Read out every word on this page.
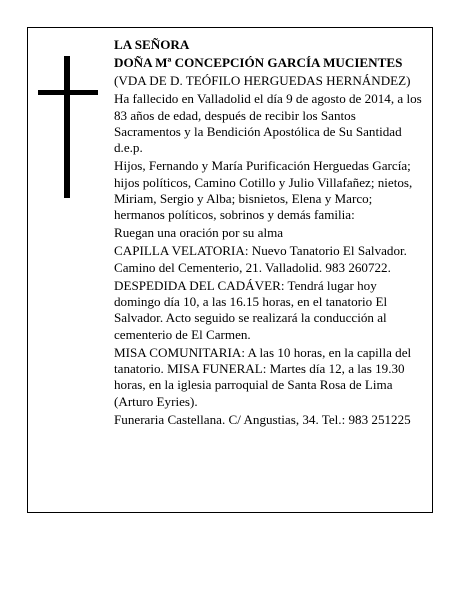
LA SEÑORA

DOÑA Mª CONCEPCIÓN GARCÍA MUCIENTES

(VDA DE D. TEÓFILO HERGUEDAS HERNÁNDEZ)

Ha fallecido en Valladolid el día 9 de agosto de 2014, a los 83 años de edad, después de recibir los Santos Sacramentos y la Bendición Apostólica de Su Santidad d.e.p.

Hijos, Fernando y María Purificación Herguedas García; hijos políticos, Camino Cotillo y Julio Villafañez; nietos, Miriam, Sergio y Alba; bisnietos, Elena y Marco; hermanos políticos, sobrinos y demás familia:

Ruegan una oración por su alma

CAPILLA VELATORIA: Nuevo Tanatorio El Salvador. Camino del Cementerio, 21. Valladolid. 983 260722.

DESPEDIDA DEL CADÁVER: Tendrá lugar hoy domingo día 10, a las 16.15 horas, en el tanatorio El Salvador. Acto seguido se realizará la conducción al cementerio de El Carmen.

MISA COMUNITARIA: A las 10 horas, en la capilla del tanatorio. MISA FUNERAL: Martes día 12, a las 19.30 horas, en la iglesia parroquial de Santa Rosa de Lima (Arturo Eyries).

Funeraria Castellana. C/ Angustias, 34. Tel.: 983 251225
